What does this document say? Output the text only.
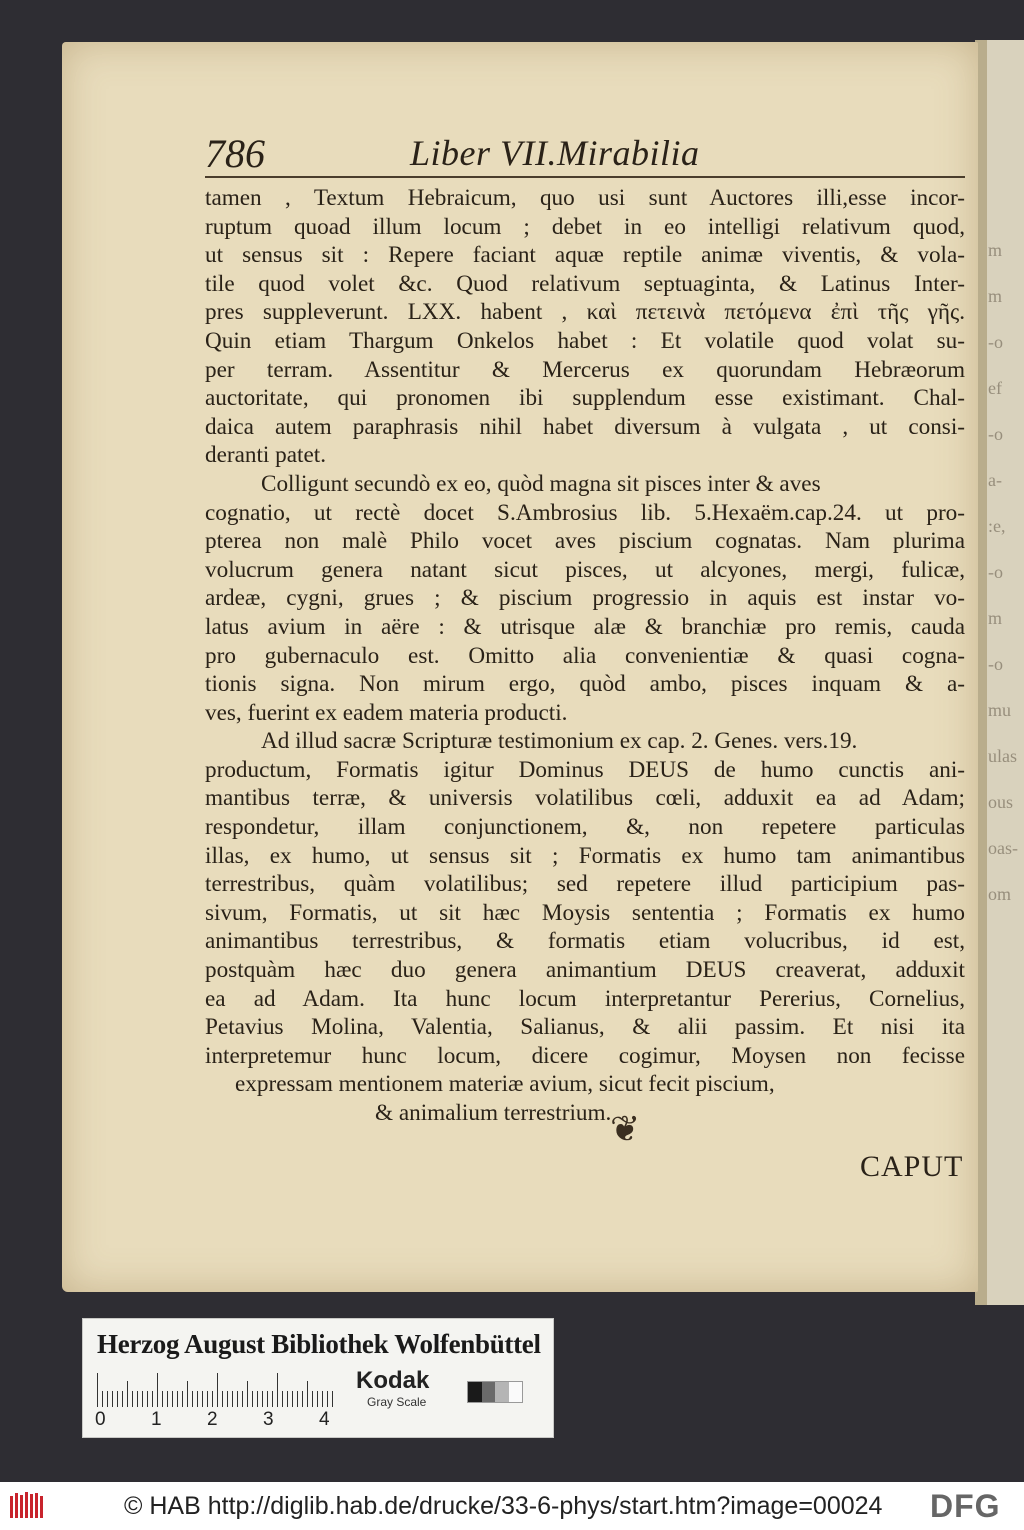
m
m
-o
ef
-o
a-
:e,
-o
m
-o
mu
ulas
ous
oas-
om
786	Liber VII.Mirabilia
tamen , Textum Hebraicum, quo usi sunt Auctores illi,esse incor-
ruptum quoad illum locum ; debet in eo intelligi relativum quod,
ut sensus sit : Repere faciant aquæ reptile animæ viventis, & vola-
tile quod volet &c. Quod relativum septuaginta, & Latinus Inter-
pres suppleverunt. LXX. habent , καὶ πετεινὰ πετόμενα ἐπὶ τῆς γῆς.
Quin etiam Thargum Onkelos habet : Et volatile quod volat su-
per terram. Assentitur & Mercerus ex quorundam Hebræorum
auctoritate, qui pronomen ibi supplendum esse existimant. Chal-
daica autem paraphrasis nihil habet diversum à vulgata , ut consi-
deranti patet.
Colligunt secundò ex eo, quòd magna sit pisces inter & aves
cognatio, ut rectè docet S.Ambrosius lib. 5.Hexaëm.cap.24. ut pro-
pterea non malè Philo vocet aves piscium cognatas. Nam plurima
volucrum genera natant sicut pisces, ut alcyones, mergi, fulicæ,
ardeæ, cygni, grues ; & piscium progressio in aquis est instar vo-
latus avium in aëre : & utrisque alæ & branchiæ pro remis, cauda
pro gubernaculo est. Omitto alia convenientiæ & quasi cogna-
tionis signa. Non mirum ergo, quòd ambo, pisces inquam & a-
ves, fuerint ex eadem materia producti.
Ad illud sacræ Scripturæ testimonium ex cap. 2. Genes. vers.19.
productum, Formatis igitur Dominus DEUS de humo cunctis ani-
mantibus terræ, & universis volatilibus cœli, adduxit ea ad Adam;
respondetur, illam conjunctionem, &, non repetere particulas
illas, ex humo, ut sensus sit ; Formatis ex humo tam animantibus
terrestribus, quàm volatilibus; sed repetere illud participium pas-
sivum, Formatis, ut sit hæc Moysis sententia ; Formatis ex humo
animantibus terrestribus, & formatis etiam volucribus, id est,
postquàm hæc duo genera animantium DEUS creaverat, adduxit
ea ad Adam. Ita hunc locum interpretantur Pererius, Cornelius,
Petavius Molina, Valentia, Salianus, & alii passim. Et nisi ita
interpretemur hunc locum, dicere cogimur, Moysen non fecisse
expressam mentionem materiæ avium, sicut fecit piscium,
& animalium terrestrium.
❦
CAPUT
Herzog August Bibliothek Wolfenbüttel
0 1 2 3 4
Kodak
Gray Scale
© HAB http://diglib.hab.de/drucke/33-6-phys/start.htm?image=00024 DFG
